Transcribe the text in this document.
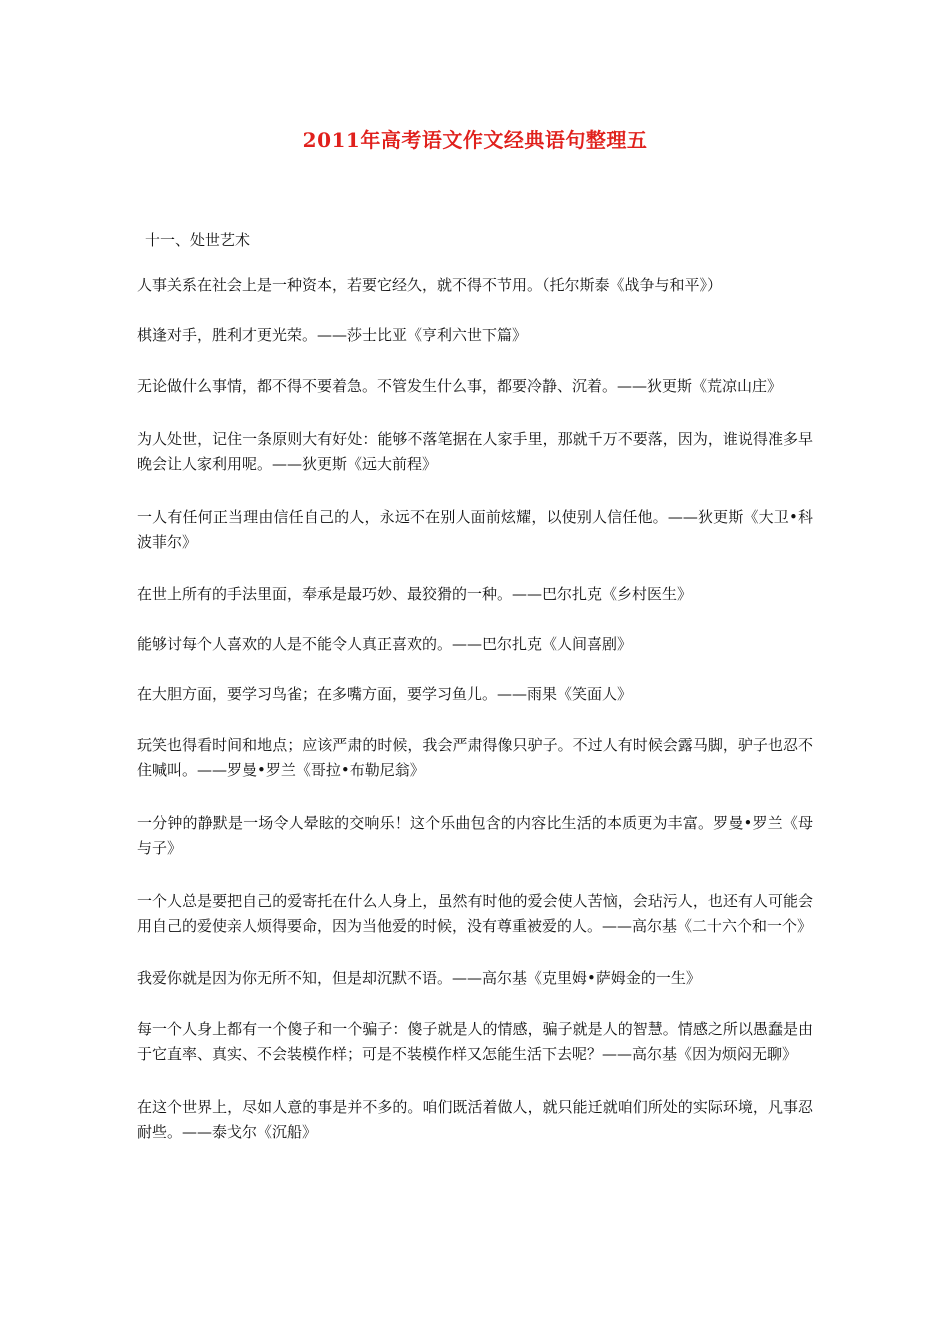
2011年高考语文作文经典语句整理五
十一、处世艺术

人事关系在社会上是一种资本，若要它经久，就不得不节用。（托尔斯泰《战争与和平》）

棋逢对手，胜利才更光荣。——莎士比亚《亨利六世下篇》

无论做什么事情，都不得不要着急。不管发生什么事，都要冷静、沉着。——狄更斯《荒凉山庄》

为人处世，记住一条原则大有好处：能够不落笔据在人家手里，那就千万不要落，因为，谁说得准多早晚会让人家利用呢。——狄更斯《远大前程》

一人有任何正当理由信任自己的人，永远不在别人面前炫耀，以使别人信任他。——狄更斯《大卫•科波菲尔》

在世上所有的手法里面，奉承是最巧妙、最狡猾的一种。——巴尔扎克《乡村医生》

能够讨每个人喜欢的人是不能令人真正喜欢的。——巴尔扎克《人间喜剧》

在大胆方面，要学习鸟雀；在多嘴方面，要学习鱼儿。——雨果《笑面人》

玩笑也得看时间和地点；应该严肃的时候，我会严肃得像只驴子。不过人有时候会露马脚，驴子也忍不住喊叫。——罗曼•罗兰《哥拉•布勒尼翁》

一分钟的静默是一场令人晕眩的交响乐！这个乐曲包含的内容比生活的本质更为丰富。罗曼•罗兰《母与子》

一个人总是要把自己的爱寄托在什么人身上，虽然有时他的爱会使人苦恼，会玷污人，也还有人可能会用自己的爱使亲人烦得要命，因为当他爱的时候，没有尊重被爱的人。——高尔基《二十六个和一个》

我爱你就是因为你无所不知，但是却沉默不语。——高尔基《克里姆•萨姆金的一生》

每一个人身上都有一个傻子和一个骗子：傻子就是人的情感，骗子就是人的智慧。情感之所以愚蠢是由于它直率、真实、不会装模作样；可是不装模作样又怎能生活下去呢？——高尔基《因为烦闷无聊》

在这个世界上，尽如人意的事是并不多的。咱们既活着做人，就只能迁就咱们所处的实际环境，凡事忍耐些。——泰戈尔《沉船》
